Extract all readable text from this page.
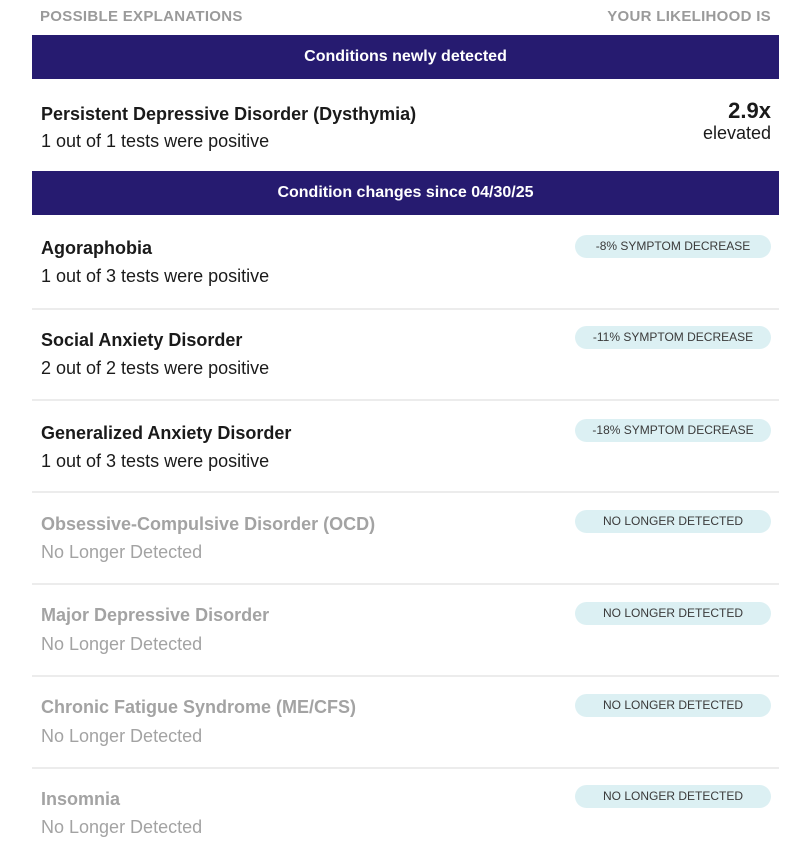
POSSIBLE EXPLANATIONS	YOUR LIKELIHOOD IS
Conditions newly detected
Persistent Depressive Disorder (Dysthymia)
1 out of 1 tests were positive
2.9x
elevated
Condition changes since 04/30/25
Agoraphobia
1 out of 3 tests were positive
-8% SYMPTOM DECREASE
Social Anxiety Disorder
2 out of 2 tests were positive
-11% SYMPTOM DECREASE
Generalized Anxiety Disorder
1 out of 3 tests were positive
-18% SYMPTOM DECREASE
Obsessive-Compulsive Disorder (OCD)
No Longer Detected
NO LONGER DETECTED
Major Depressive Disorder
No Longer Detected
NO LONGER DETECTED
Chronic Fatigue Syndrome (ME/CFS)
No Longer Detected
NO LONGER DETECTED
Insomnia
No Longer Detected
NO LONGER DETECTED
